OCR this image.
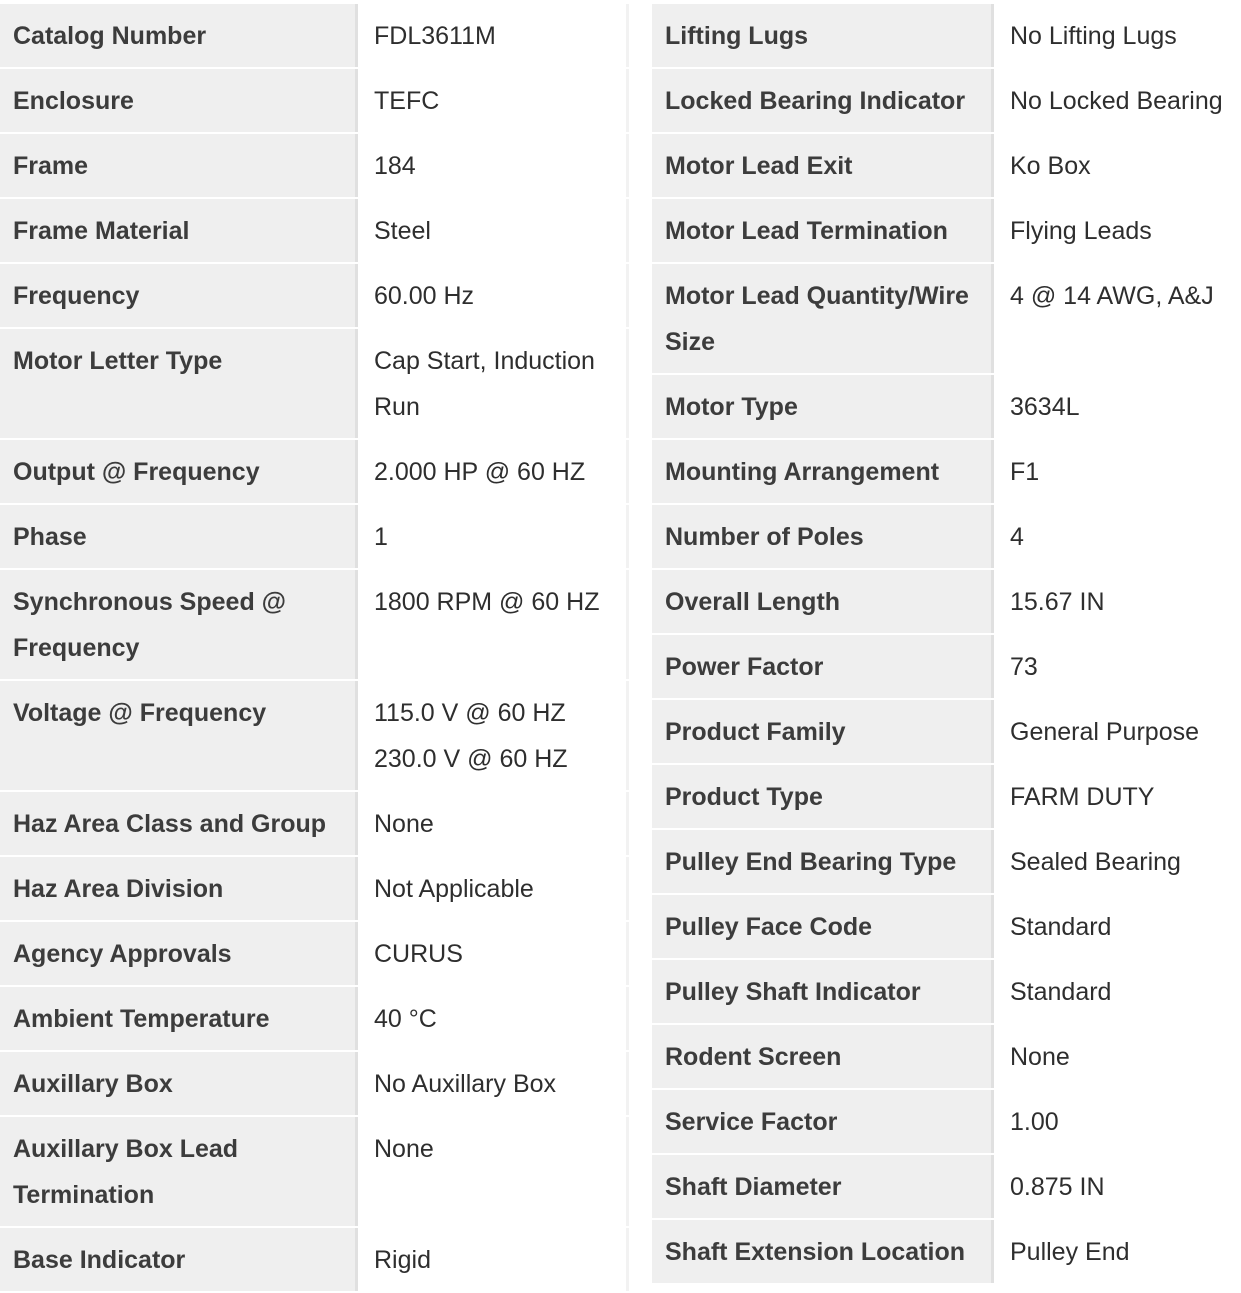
Catalog Number	FDL3611M

Enclosure	TEFC

Frame	184

Frame Material	Steel

Frequency	60.00 Hz

Motor Letter Type	Cap Start, Induction Run

Output @ Frequency	2.000 HP @ 60 HZ

Phase	1

Synchronous Speed @ Frequency	1800 RPM @ 60 HZ

Voltage @ Frequency	115.0 V @ 60 HZ
230.0 V @ 60 HZ

Haz Area Class and Group	None

Haz Area Division	Not Applicable

Agency Approvals	CURUS

Ambient Temperature	40 °C

Auxillary Box	No Auxillary Box

Auxillary Box Lead Termination	None

Base Indicator	Rigid
Lifting Lugs	No Lifting Lugs

Locked Bearing Indicator	No Locked Bearing

Motor Lead Exit	Ko Box

Motor Lead Termination	Flying Leads

Motor Lead Quantity/Wire Size	4 @ 14 AWG, A&J

Motor Type	3634L

Mounting Arrangement	F1

Number of Poles	4

Overall Length	15.67 IN

Power Factor	73

Product Family	General Purpose

Product Type	FARM DUTY

Pulley End Bearing Type	Sealed Bearing

Pulley Face Code	Standard

Pulley Shaft Indicator	Standard

Rodent Screen	None

Service Factor	1.00

Shaft Diameter	0.875 IN

Shaft Extension Location	Pulley End
